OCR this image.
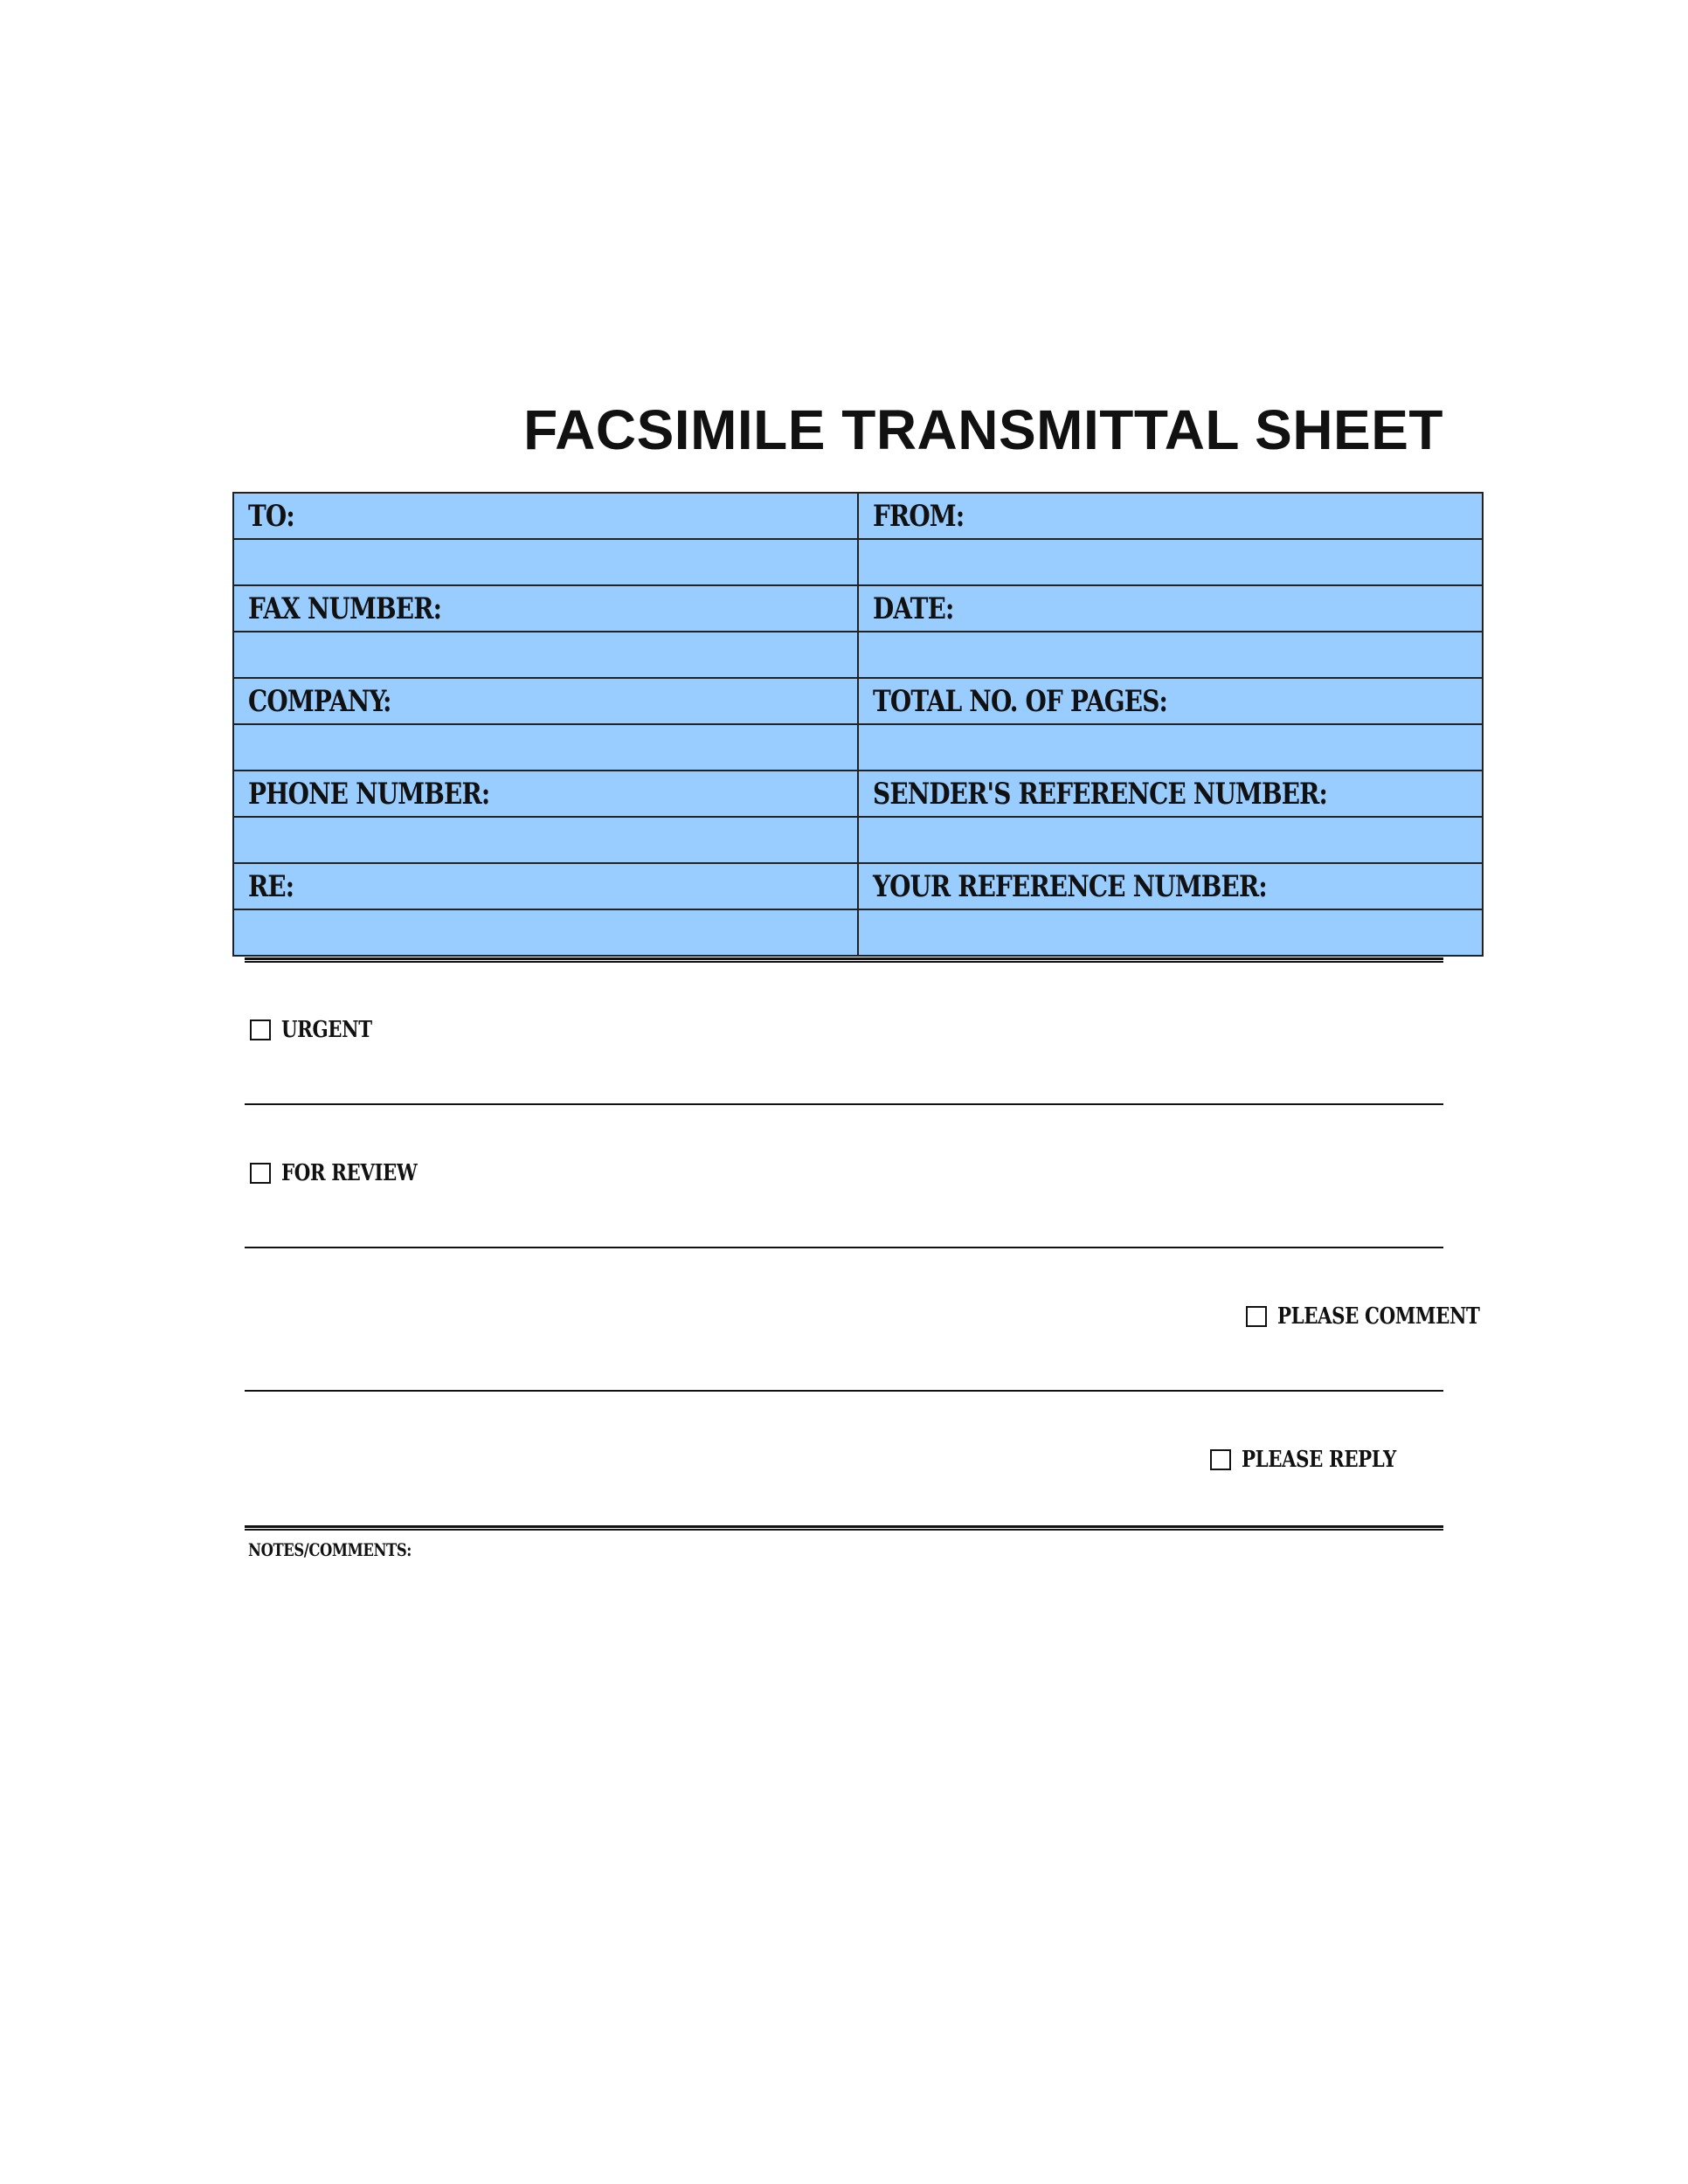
FACSIMILE TRANSMITTAL SHEET
TO:	FROM:

FAX NUMBER:	DATE:

COMPANY:	TOTAL NO. OF PAGES:

PHONE NUMBER:	SENDER'S REFERENCE NUMBER:

RE:	YOUR REFERENCE NUMBER:

URGENT
FOR REVIEW
PLEASE COMMENT
PLEASE REPLY
NOTES/COMMENTS:
